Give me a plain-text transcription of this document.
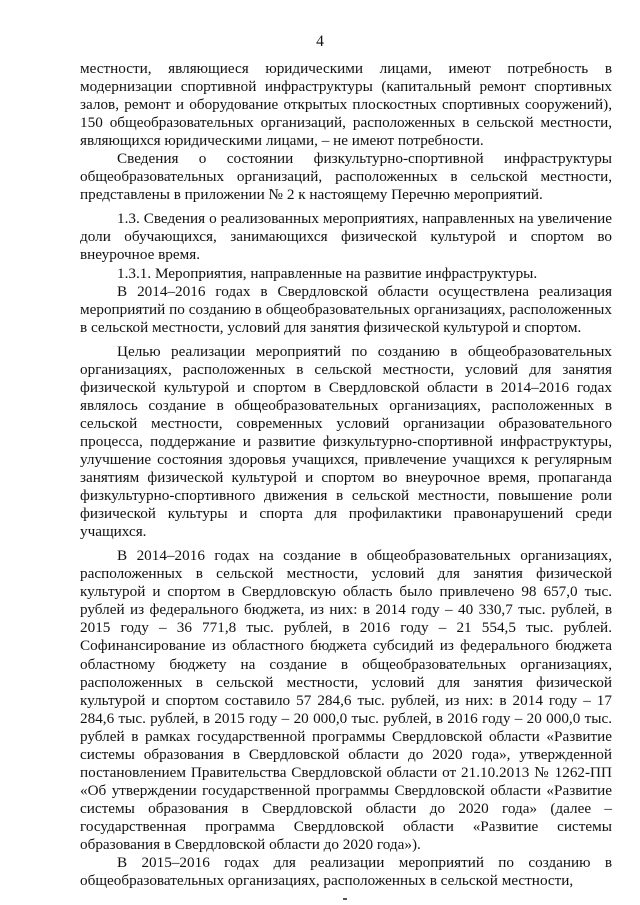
4

местности, являющиеся юридическими лицами, имеют потребность в модернизации спортивной инфраструктуры (капитальный ремонт спортивных залов, ремонт и оборудование открытых плоскостных спортивных сооружений), 150 общеобразовательных организаций, расположенных в сельской местности, являющихся юридическими лицами, – не имеют потребности.

Сведения о состоянии физкультурно-спортивной инфраструктуры общеобразовательных организаций, расположенных в сельской местности, представлены в приложении № 2 к настоящему Перечню мероприятий.

1.3. Сведения о реализованных мероприятиях, направленных на увеличение доли обучающихся, занимающихся физической культурой и спортом во внеурочное время.

1.3.1. Мероприятия, направленные на развитие инфраструктуры.

В 2014–2016 годах в Свердловской области осуществлена реализация мероприятий по созданию в общеобразовательных организациях, расположенных в сельской местности, условий для занятия физической культурой и спортом.

Целью реализации мероприятий по созданию в общеобразовательных организациях, расположенных в сельской местности, условий для занятия физической культурой и спортом в Свердловской области в 2014–2016 годах являлось создание в общеобразовательных организациях, расположенных в сельской местности, современных условий организации образовательного процесса, поддержание и развитие физкультурно-спортивной инфраструктуры, улучшение состояния здоровья учащихся, привлечение учащихся к регулярным занятиям физической культурой и спортом во внеурочное время, пропаганда физкультурно-спортивного движения в сельской местности, повышение роли физической культуры и спорта для профилактики правонарушений среди учащихся.

В 2014–2016 годах на создание в общеобразовательных организациях, расположенных в сельской местности, условий для занятия физической культурой и спортом в Свердловскую область было привлечено 98 657,0 тыс. рублей из федерального бюджета, из них: в 2014 году – 40 330,7 тыс. рублей, в 2015 году – 36 771,8 тыс. рублей, в 2016 году – 21 554,5 тыс. рублей. Софинансирование из областного бюджета субсидий из федерального бюджета областному бюджету на создание в общеобразовательных организациях, расположенных в сельской местности, условий для занятия физической культурой и спортом составило 57 284,6 тыс. рублей, из них: в 2014 году – 17 284,6 тыс. рублей, в 2015 году – 20 000,0 тыс. рублей, в 2016 году – 20 000,0 тыс. рублей в рамках государственной программы Свердловской области «Развитие системы образования в Свердловской области до 2020 года», утвержденной постановлением Правительства Свердловской области от 21.10.2013 № 1262-ПП «Об утверждении государственной программы Свердловской области «Развитие системы образования в Свердловской области до 2020 года» (далее – государственная программа Свердловской области «Развитие системы образования в Свердловской области до 2020 года»).

В 2015–2016 годах для реализации мероприятий по созданию в общеобразовательных организациях, расположенных в сельской местности,
